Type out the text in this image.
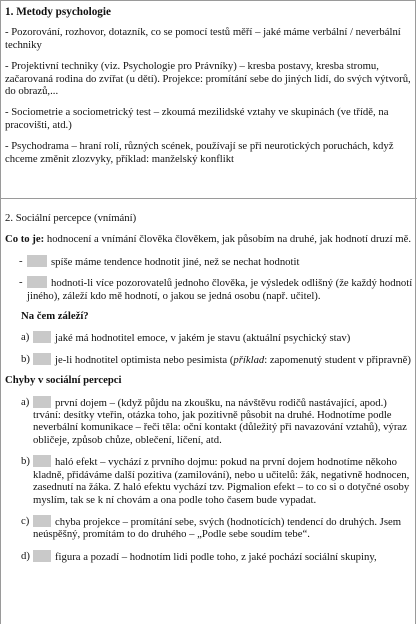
1. Metody psychologie

- Pozorování, rozhovor, dotazník, co se pomocí testů měří – jaké máme verbální / neverbální techniky

- Projektivní techniky (viz. Psychologie pro Právníky) – kresba postavy, kresba stromu, začarovaná rodina do zvířat (u dětí). Projekce: promítání sebe do jiných lidí, do svých výtvorů, do obrazů,...

- Sociometrie a sociometrický test – zkoumá mezilidské vztahy ve skupinách (ve třídě, na pracovišti, atd.)

- Psychodrama – hraní rolí, různých scének, používají se při neurotických poruchách, když chceme změnit zlozvyky, příklad: manželský konflikt

2. Sociální percepce (vnímání)

Co to je: hodnocení a vnímání člověka člověkem, jak působím na druhé, jak hodnotí druzí mě.

-	spíše máme tendence hodnotit jiné, než se nechat hodnotit
-	hodnoti-li více pozorovatelů jednoho člověka, je výsledek odlišný (že každý hodnotí jiného), záleží kdo mě hodnotí, o jakou se jedná osobu (např. učitel).

Na čem záleží?

a)	jaké má hodnotitel emoce, v jakém je stavu (aktuální psychický stav)
b)	je-li hodnotitel optimista nebo pesimista (příklad: zapomenutý student v připravně)

Chyby v sociální percepci

a)	první dojem – (když půjdu na zkoušku, na návštěvu rodičů nastávající, apod.) trvání: desítky vteřin, otázka toho, jak pozitivně působit na druhé. Hodnotíme podle neverbální komunikace – řeči těla: oční kontakt (důležitý při navazování vztahů), výraz obličeje, způsob chůze, oblečení, líčení, atd.
b)	haló efekt – vychází z prvního dojmu: pokud na první dojem hodnotíme někoho kladně, přidáváme další pozitiva (zamilování), nebo u učitelů: žák, negativně hodnocen, zasednutí na žáka. Z haló efektu vychází tzv. Pigmalion efekt – to co si o dotyčné osoby myslím, tak se k ní chovám a ona podle toho časem bude vypadat.
c)	chyba projekce – promítání sebe, svých (hodnotících) tendencí do druhých. Jsem neúspěšný, promítám to do druhého – „Podle sebe soudím tebe“.
d)	figura a pozadí – hodnotím lidi podle toho, z jaké pochází sociální skupiny,
